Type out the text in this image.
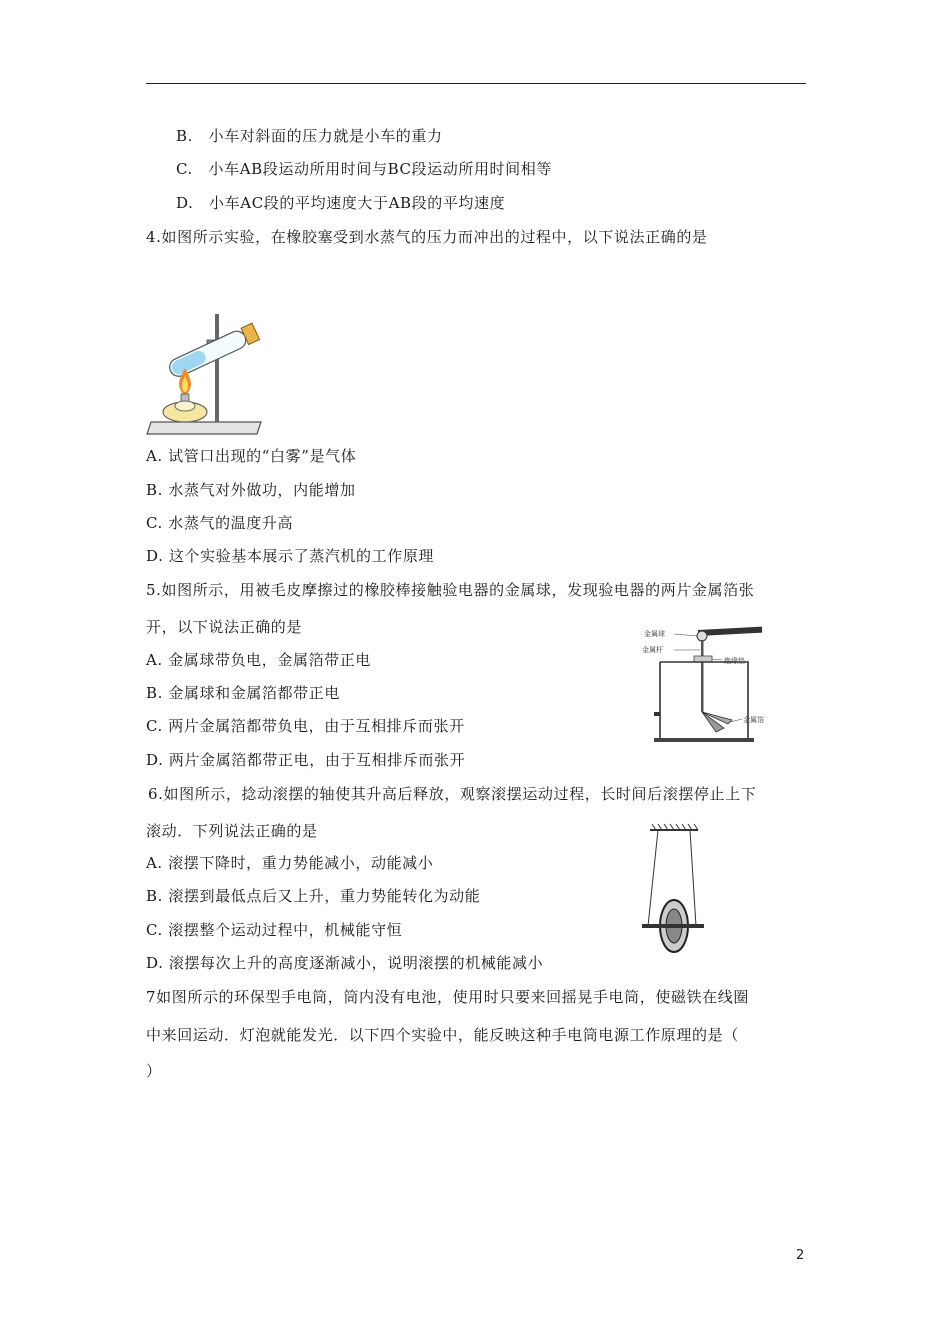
B.　小车对斜面的压力就是小车的重力
C.　小车AB段运动所用时间与BC段运动所用时间相等
D.　小车AC段的平均速度大于AB段的平均速度
4.如图所示实验，在橡胶塞受到水蒸气的压力而冲出的过程中，以下说法正确的是
A. 试管口出现的“白雾”是气体
B. 水蒸气对外做功，内能增加
C. 水蒸气的温度升高
D. 这个实验基本展示了蒸汽机的工作原理
5.如图所示，用被毛皮摩擦过的橡胶棒接触验电器的金属球，发现验电器的两片金属箔张
开，以下说法正确的是
A. 金属球带负电，金属箔带正电
B. 金属球和金属箔都带正电
C. 两片金属箔都带负电，由于互相排斥而张开
D. 两片金属箔都带正电，由于互相排斥而张开
金属球
金属杆
绝缘垫
金属箔
6.如图所示，捻动滚摆的轴使其升高后释放，观察滚摆运动过程，长时间后滚摆停止上下
滚动．下列说法正确的是
A. 滚摆下降时，重力势能减小，动能减小
B. 滚摆到最低点后又上升，重力势能转化为动能
C. 滚摆整个运动过程中，机械能守恒
D. 滚摆每次上升的高度逐渐减小，说明滚摆的机械能减小
7如图所示的环保型手电筒，筒内没有电池，使用时只要来回摇晃手电筒，使磁铁在线圈
中来回运动．灯泡就能发光．以下四个实验中，能反映这种手电筒电源工作原理的是（
）
2
